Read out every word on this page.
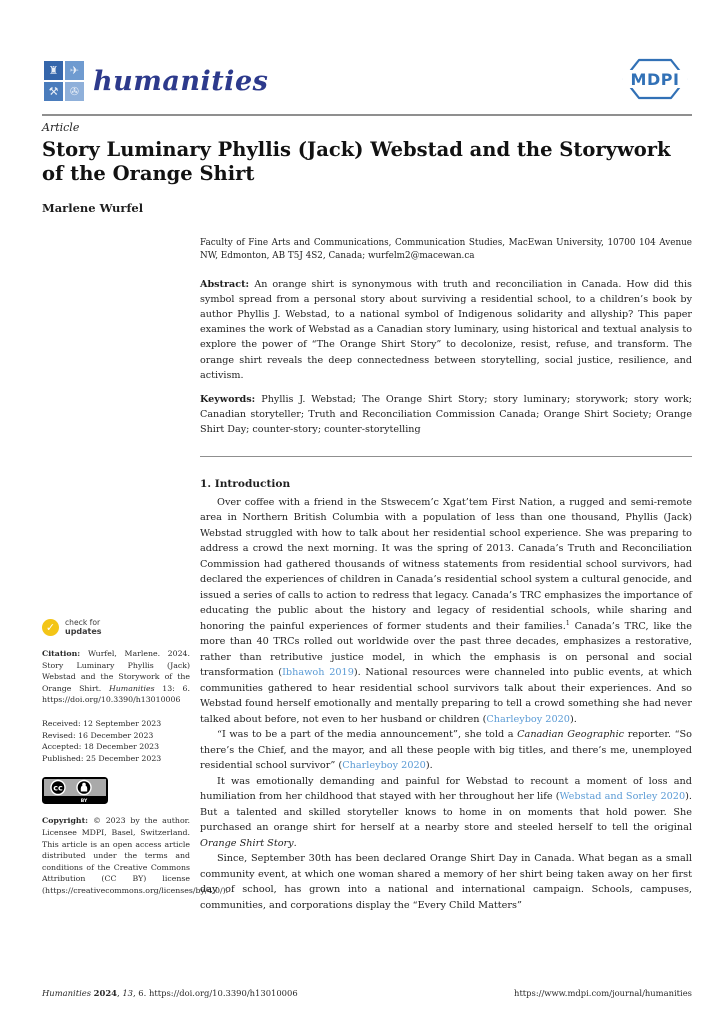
♜	✈
⚒	✇ humanities	MDPI
Article
Story Luminary Phyllis (Jack) Webstad and the Storywork of the Orange Shirt
Marlene Wurfel
✓	check for
updates

Citation: Wurfel, Marlene. 2024. Story Luminary Phyllis (Jack) Webstad and the Storywork of the Orange Shirt. Humanities 13: 6. https://doi.org/10.3390/h13010006

Received: 12 September 2023
Revised: 16 December 2023
Accepted: 18 December 2023
Published: 25 December 2023
cc
BY

Copyright: © 2023 by the author. Licensee MDPI, Basel, Switzerland. This article is an open access article distributed under the terms and conditions of the Creative Commons Attribution (CC BY) license (https://creativecommons.org/licenses/by/4.0/).

Faculty of Fine Arts and Communications, Communication Studies, MacEwan University, 10700 104 Avenue NW, Edmonton, AB T5J 4S2, Canada; wurfelm2@macewan.ca

Abstract: An orange shirt is synonymous with truth and reconciliation in Canada. How did this symbol spread from a personal story about surviving a residential school, to a children’s book by author Phyllis J. Webstad, to a national symbol of Indigenous solidarity and allyship? This paper examines the work of Webstad as a Canadian story luminary, using historical and textual analysis to explore the power of “The Orange Shirt Story” to decolonize, resist, refuse, and transform. The orange shirt reveals the deep connectedness between storytelling, social justice, resilience, and activism.

Keywords: Phyllis J. Webstad; The Orange Shirt Story; story luminary; storywork; story work; Canadian storyteller; Truth and Reconciliation Commission Canada; Orange Shirt Society; Orange Shirt Day; counter-story; counter-storytelling

1. Introduction

Over coffee with a friend in the Stswecem’c Xgat’tem First Nation, a rugged and semi-remote area in Northern British Columbia with a population of less than one thousand, Phyllis (Jack) Webstad struggled with how to talk about her residential school experience. She was preparing to address a crowd the next morning. It was the spring of 2013. Canada’s Truth and Reconciliation Commission had gathered thousands of witness statements from residential school survivors, had declared the experiences of children in Canada’s residential school system a cultural genocide, and issued a series of calls to action to redress that legacy. Canada’s TRC emphasizes the importance of educating the public about the history and legacy of residential schools, while sharing and honoring the painful experiences of former students and their families.$^1$ Canada’s TRC, like the more than 40 TRCs rolled out worldwide over the past three decades, emphasizes a restorative, rather than retributive justice model, in which the emphasis is on personal and social transformation (Ibhawoh 2019). National resources were channeled into public events, at which communities gathered to hear residential school survivors talk about their experiences. And so Webstad found herself emotionally and mentally preparing to tell a crowd something she had never talked about before, not even to her husband or children (Charleyboy 2020).

“I was to be a part of the media announcement”, she told a Canadian Geographic reporter. “So there’s the Chief, and the mayor, and all these people with big titles, and there’s me, unemployed residential school survivor” (Charleyboy 2020).

It was emotionally demanding and painful for Webstad to recount a moment of loss and humiliation from her childhood that stayed with her throughout her life (Webstad and Sorley 2020). But a talented and skilled storyteller knows to home in on moments that hold power. She purchased an orange shirt for herself at a nearby store and steeled herself to tell the original Orange Shirt Story.

Since, September 30th has been declared Orange Shirt Day in Canada. What began as a small community event, at which one woman shared a memory of her shirt being taken away on her first day of school, has grown into a national and international campaign. Schools, campuses, communities, and corporations display the “Every Child Matters”

Humanities 2024, 13, 6. https://doi.org/10.3390/h13010006	https://www.mdpi.com/journal/humanities
